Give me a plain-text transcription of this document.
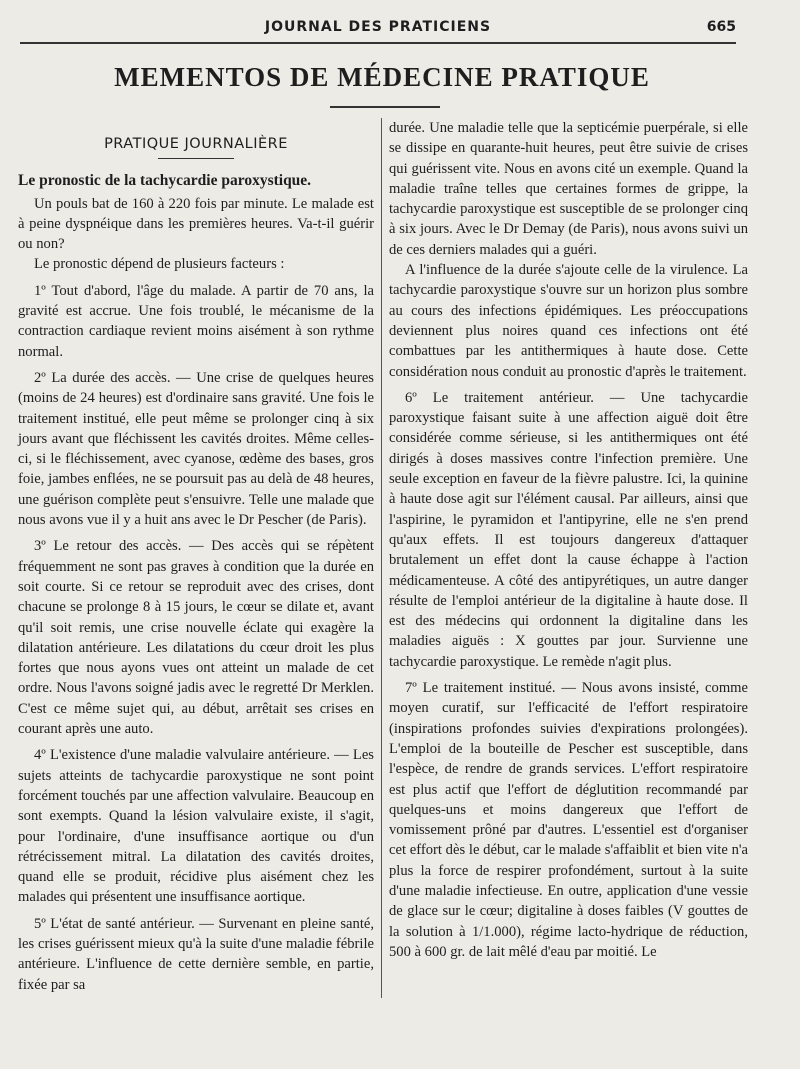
JOURNAL DES PRATICIENS	665
MEMENTOS DE MÉDECINE PRATIQUE
PRATIQUE JOURNALIÈRE
Le pronostic de la tachycardie paroxystique.

Un pouls bat de 160 à 220 fois par minute. Le malade est à peine dyspnéique dans les premières heures. Va-t-il guérir ou non?

Le pronostic dépend de plusieurs facteurs :

1º Tout d'abord, l'âge du malade. A partir de 70 ans, la gravité est accrue. Une fois troublé, le mécanisme de la contraction cardiaque revient moins aisément à son rythme normal.

2º La durée des accès. — Une crise de quelques heures (moins de 24 heures) est d'ordinaire sans gravité. Une fois le traitement institué, elle peut même se prolonger cinq à six jours avant que fléchissent les cavités droites. Même celles-ci, si le fléchissement, avec cyanose, œdème des bases, gros foie, jambes enflées, ne se poursuit pas au delà de 48 heures, une guérison complète peut s'ensuivre. Telle une malade que nous avons vue il y a huit ans avec le Dr Pescher (de Paris).

3º Le retour des accès. — Des accès qui se répètent fréquemment ne sont pas graves à condition que la durée en soit courte. Si ce retour se reproduit avec des crises, dont chacune se prolonge 8 à 15 jours, le cœur se dilate et, avant qu'il soit remis, une crise nouvelle éclate qui exagère la dilatation antérieure. Les dilatations du cœur droit les plus fortes que nous ayons vues ont atteint un malade de cet ordre. Nous l'avons soigné jadis avec le regretté Dr Merklen. C'est ce même sujet qui, au début, arrêtait ses crises en courant après une auto.

4º L'existence d'une maladie valvulaire antérieure. — Les sujets atteints de tachycardie paroxystique ne sont point forcément touchés par une affection valvulaire. Beaucoup en sont exempts. Quand la lésion valvulaire existe, il s'agit, pour l'ordinaire, d'une insuffisance aortique ou d'un rétrécissement mitral. La dilatation des cavités droites, quand elle se produit, récidive plus aisément chez les malades qui présentent une insuffisance aortique.

5º L'état de santé antérieur. — Survenant en pleine santé, les crises guérissent mieux qu'à la suite d'une maladie fébrile antérieure. L'influence de cette dernière semble, en partie, fixée par sa

durée. Une maladie telle que la septicémie puerpérale, si elle se dissipe en quarante-huit heures, peut être suivie de crises qui guérissent vite. Nous en avons cité un exemple. Quand la maladie traîne telles que certaines formes de grippe, la tachycardie paroxystique est susceptible de se prolonger cinq à six jours. Avec le Dr Demay (de Paris), nous avons suivi un de ces derniers malades qui a guéri.

A l'influence de la durée s'ajoute celle de la virulence. La tachycardie paroxystique s'ouvre sur un horizon plus sombre au cours des infections épidémiques. Les préoccupations deviennent plus noires quand ces infections ont été combattues par les antithermiques à haute dose. Cette considération nous conduit au pronostic d'après le traitement.

6º Le traitement antérieur. — Une tachycardie paroxystique faisant suite à une affection aiguë doit être considérée comme sérieuse, si les antithermiques ont été dirigés à doses massives contre l'infection première. Une seule exception en faveur de la fièvre palustre. Ici, la quinine à haute dose agit sur l'élément causal. Par ailleurs, ainsi que l'aspirine, le pyramidon et l'antipyrine, elle ne s'en prend qu'aux effets. Il est toujours dangereux d'attaquer brutalement un effet dont la cause échappe à l'action médicamenteuse. A côté des antipyrétiques, un autre danger résulte de l'emploi antérieur de la digitaline à haute dose. Il est des médecins qui ordonnent la digitaline dans les maladies aiguës : X gouttes par jour. Survienne une tachycardie paroxystique. Le remède n'agit plus.

7º Le traitement institué. — Nous avons insisté, comme moyen curatif, sur l'efficacité de l'effort respiratoire (inspirations profondes suivies d'expirations prolongées). L'emploi de la bouteille de Pescher est susceptible, dans l'espèce, de rendre de grands services. L'effort respiratoire est plus actif que l'effort de déglutition recommandé par quelques-uns et moins dangereux que l'effort de vomissement prôné par d'autres. L'essentiel est d'organiser cet effort dès le début, car le malade s'affaiblit et bien vite n'a plus la force de respirer profondément, surtout à la suite d'une maladie infectieuse. En outre, application d'une vessie de glace sur le cœur; digitaline à doses faibles (V gouttes de la solution à 1/1.000), régime lacto-hydrique de réduction, 500 à 600 gr. de lait mêlé d'eau par moitié. Le
